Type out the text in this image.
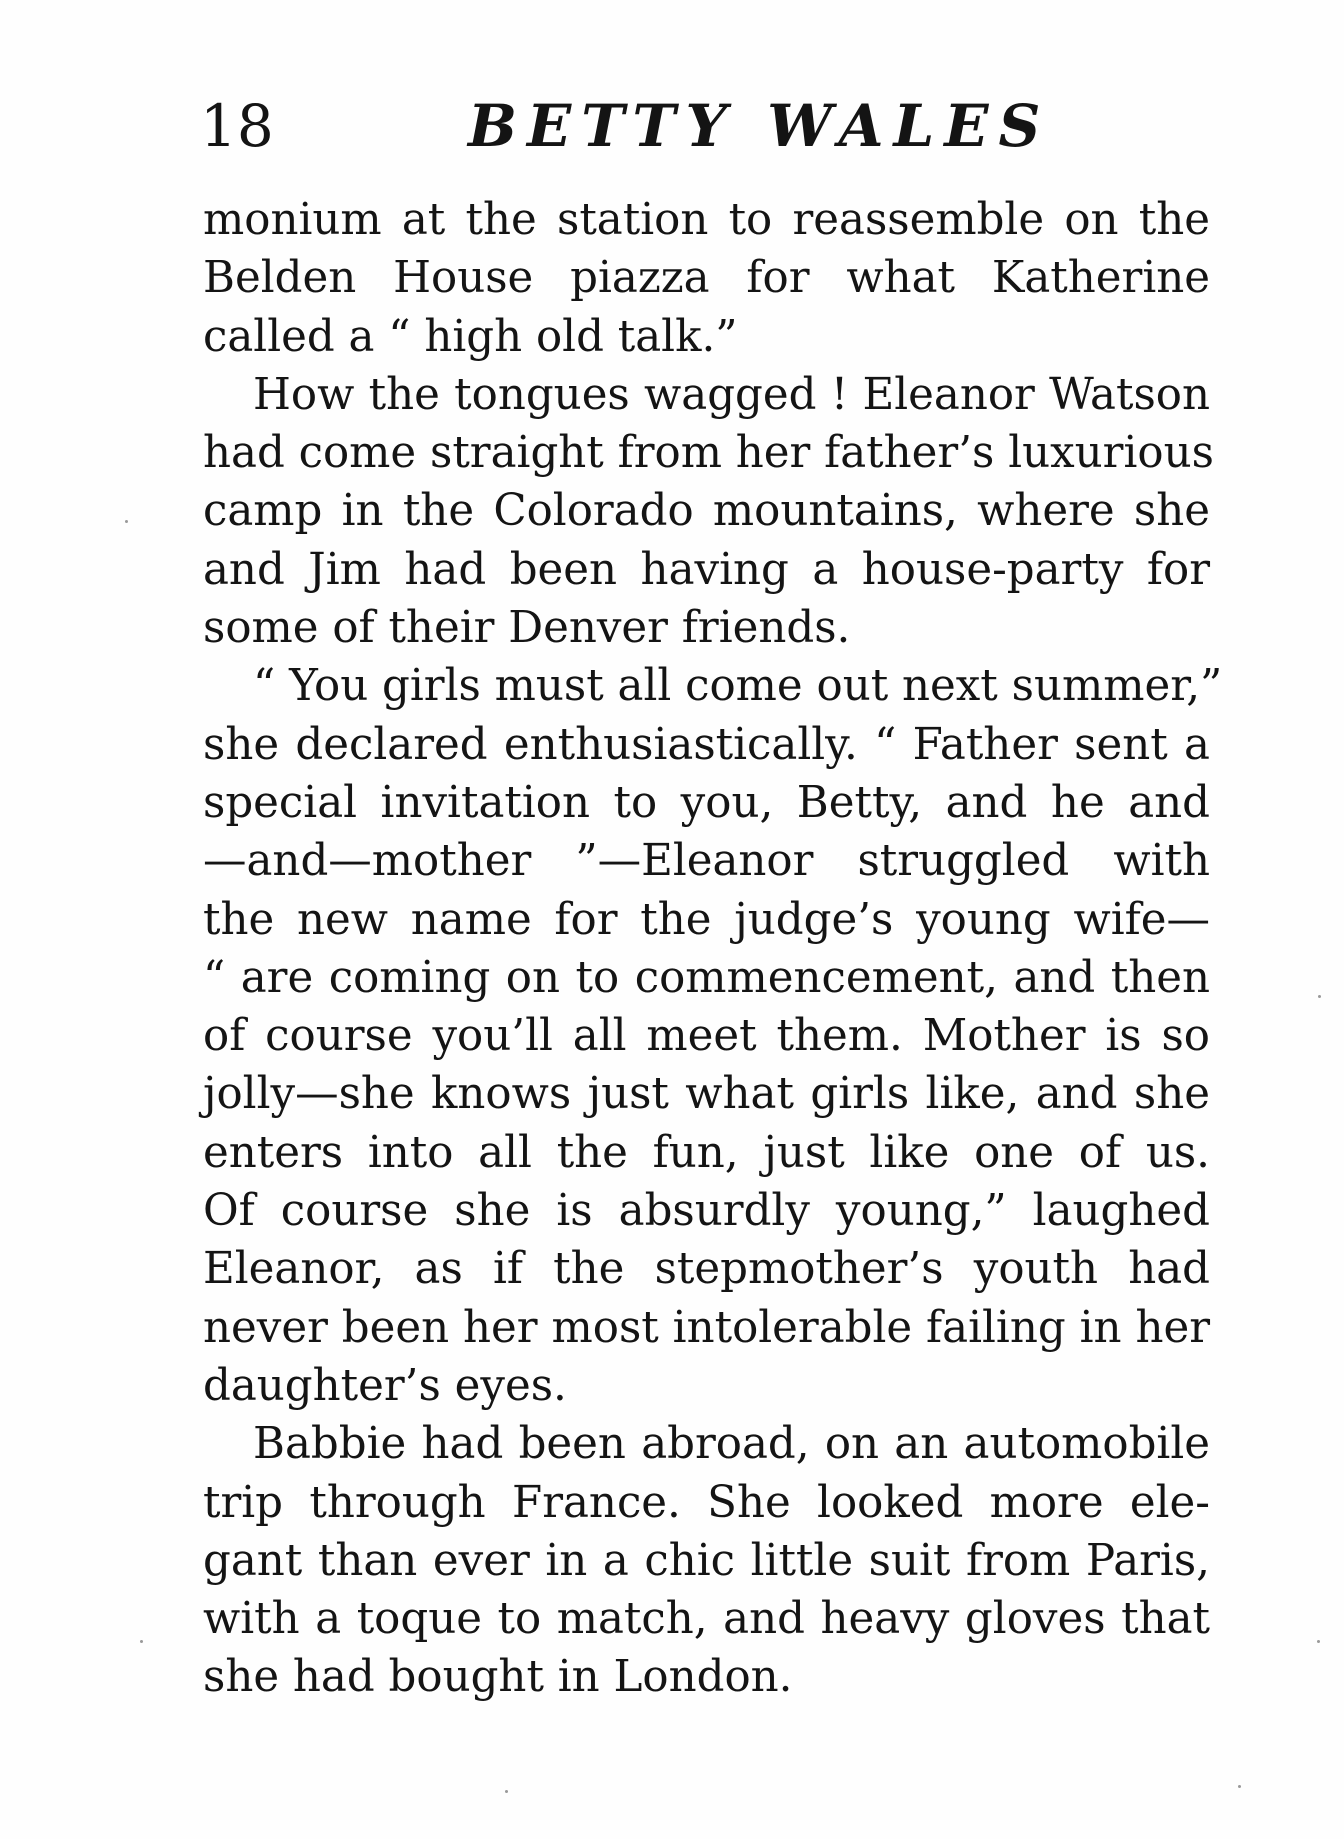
18	BETTY WALES
monium at the station to reassemble on the
Belden House piazza for what Katherine
called a “ high old talk.”
How the tongues wagged ! Eleanor Watson
had come straight from her father’s luxurious
camp in the Colorado mountains, where she
and Jim had been having a house-party for
some of their Denver friends.
“ You girls must all come out next summer,”
she declared enthusiastically. “ Father sent a
special invitation to you, Betty, and he and
—and—mother ”—Eleanor struggled with
the new name for the judge’s young wife—
“ are coming on to commencement, and then
of course you’ll all meet them. Mother is so
jolly—she knows just what girls like, and she
enters into all the fun, just like one of us.
Of course she is absurdly young,” laughed
Eleanor, as if the stepmother’s youth had
never been her most intolerable failing in her
daughter’s eyes.
Babbie had been abroad, on an automobile
trip through France. She looked more ele-
gant than ever in a chic little suit from Paris,
with a toque to match, and heavy gloves that
she had bought in London.
